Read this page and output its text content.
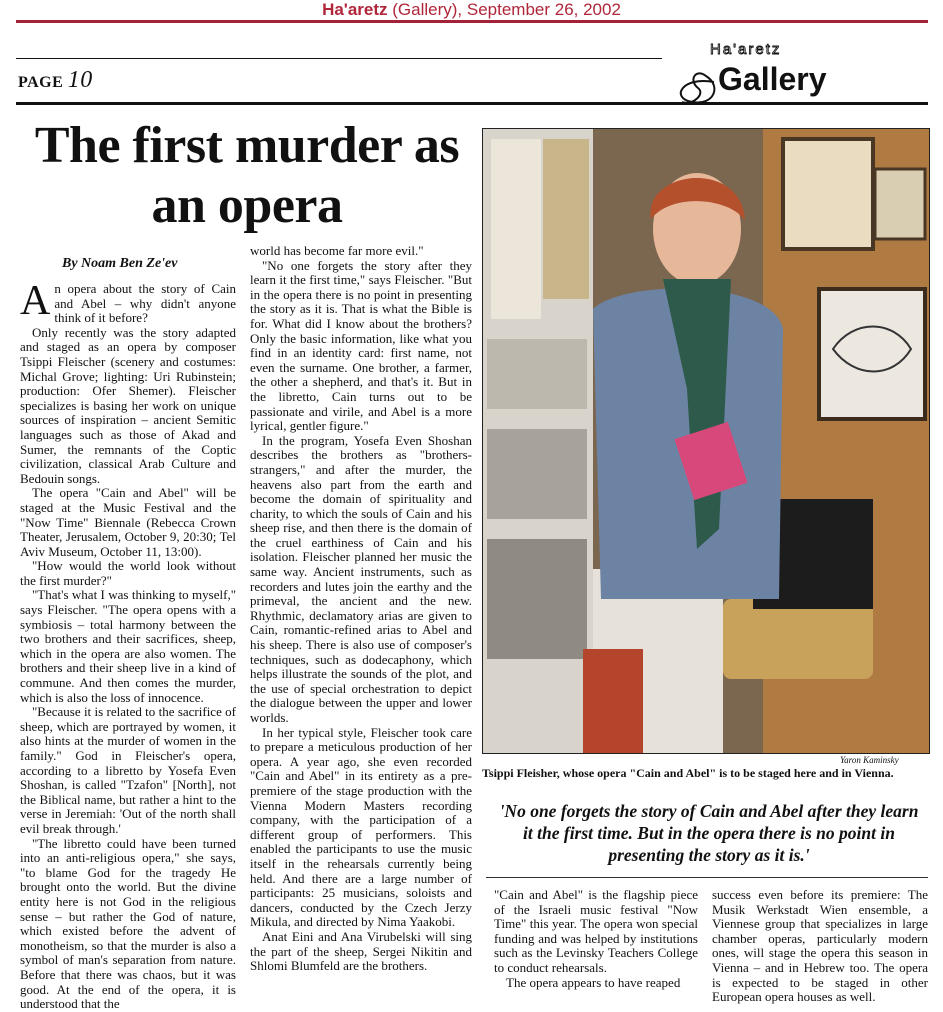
Ha'aretz (Gallery), September 26, 2002
PAGE 10
Ha'aretz
Gallery
The first murder as an opera
By Noam Ben Ze'ev

An opera about the story of Cain and Abel – why didn't anyone think of it before?

Only recently was the story adapted and staged as an opera by composer Tsippi Fleischer (scenery and costumes: Michal Grove; lighting: Uri Rubinstein; production: Ofer Shemer). Fleischer specializes is basing her work on unique sources of inspiration – ancient Semitic languages such as those of Akad and Sumer, the remnants of the Coptic civilization, classical Arab Culture and Bedouin songs.

The opera "Cain and Abel" will be staged at the Music Festival and the "Now Time" Biennale (Rebecca Crown Theater, Jerusalem, October 9, 20:30; Tel Aviv Museum, October 11, 13:00).

"How would the world look without the first murder?"

"That's what I was thinking to myself," says Fleischer. "The opera opens with a symbiosis – total harmony between the two brothers and their sacrifices, sheep, which in the opera are also women. The brothers and their sheep live in a kind of commune. And then comes the murder, which is also the loss of innocence.

"Because it is related to the sacrifice of sheep, which are portrayed by women, it also hints at the murder of women in the family." God in Fleischer's opera, according to a libretto by Yosefa Even Shoshan, is called "Tzafon" [North], not the Biblical name, but rather a hint to the verse in Jeremiah: 'Out of the north shall evil break through.'

"The libretto could have been turned into an anti-religious opera," she says, "to blame God for the tragedy He brought onto the world. But the divine entity here is not God in the religious sense – but rather the God of nature, which existed before the advent of monotheism, so that the murder is also a symbol of man's separation from nature. Before that there was chaos, but it was good. At the end of the opera, it is understood that the

world has become far more evil."

"No one forgets the story after they learn it the first time," says Fleischer. "But in the opera there is no point in presenting the story as it is. That is what the Bible is for. What did I know about the brothers? Only the basic information, like what you find in an identity card: first name, not even the surname. One brother, a farmer, the other a shepherd, and that's it. But in the libretto, Cain turns out to be passionate and virile, and Abel is a more lyrical, gentler figure."

In the program, Yosefa Even Shoshan describes the brothers as "brothers-strangers," and after the murder, the heavens also part from the earth and become the domain of spirituality and charity, to which the souls of Cain and his sheep rise, and then there is the domain of the cruel earthiness of Cain and his isolation. Fleischer planned her music the same way. Ancient instruments, such as recorders and lutes join the earthy and the primeval, the ancient and the new. Rhythmic, declamatory arias are given to Cain, romantic-refined arias to Abel and his sheep. There is also use of composer's techniques, such as dodecaphony, which helps illustrate the sounds of the plot, and the use of special orchestration to depict the dialogue between the upper and lower worlds.

In her typical style, Fleischer took care to prepare a meticulous production of her opera. A year ago, she even recorded "Cain and Abel" in its entirety as a pre-premiere of the stage production with the Vienna Modern Masters recording company, with the participation of a different group of performers. This enabled the participants to use the music itself in the rehearsals currently being held. And there are a large number of participants: 25 musicians, soloists and dancers, conducted by the Czech Jerzy Mikula, and directed by Nima Yaakobi.

Anat Eini and Ana Virubelski will sing the part of the sheep, Sergei Nikitin and Shlomi Blumfeld are the brothers.

Yaron Kaminsky
Tsippi Fleisher, whose opera "Cain and Abel" is to be staged here and in Vienna.
'No one forgets the story of Cain and Abel after they learn it the first time. But in the opera there is no point in presenting the story as it is.'

"Cain and Abel" is the flagship piece of the Israeli music festival "Now Time" this year. The opera won special funding and was helped by institutions such as the Levinsky Teachers College to conduct rehearsals.

The opera appears to have reaped

success even before its premiere: The Musik Werkstadt Wien ensemble, a Viennese group that specializes in large chamber operas, particularly modern ones, will stage the opera this season in Vienna – and in Hebrew too. The opera is expected to be staged in other European opera houses as well.
